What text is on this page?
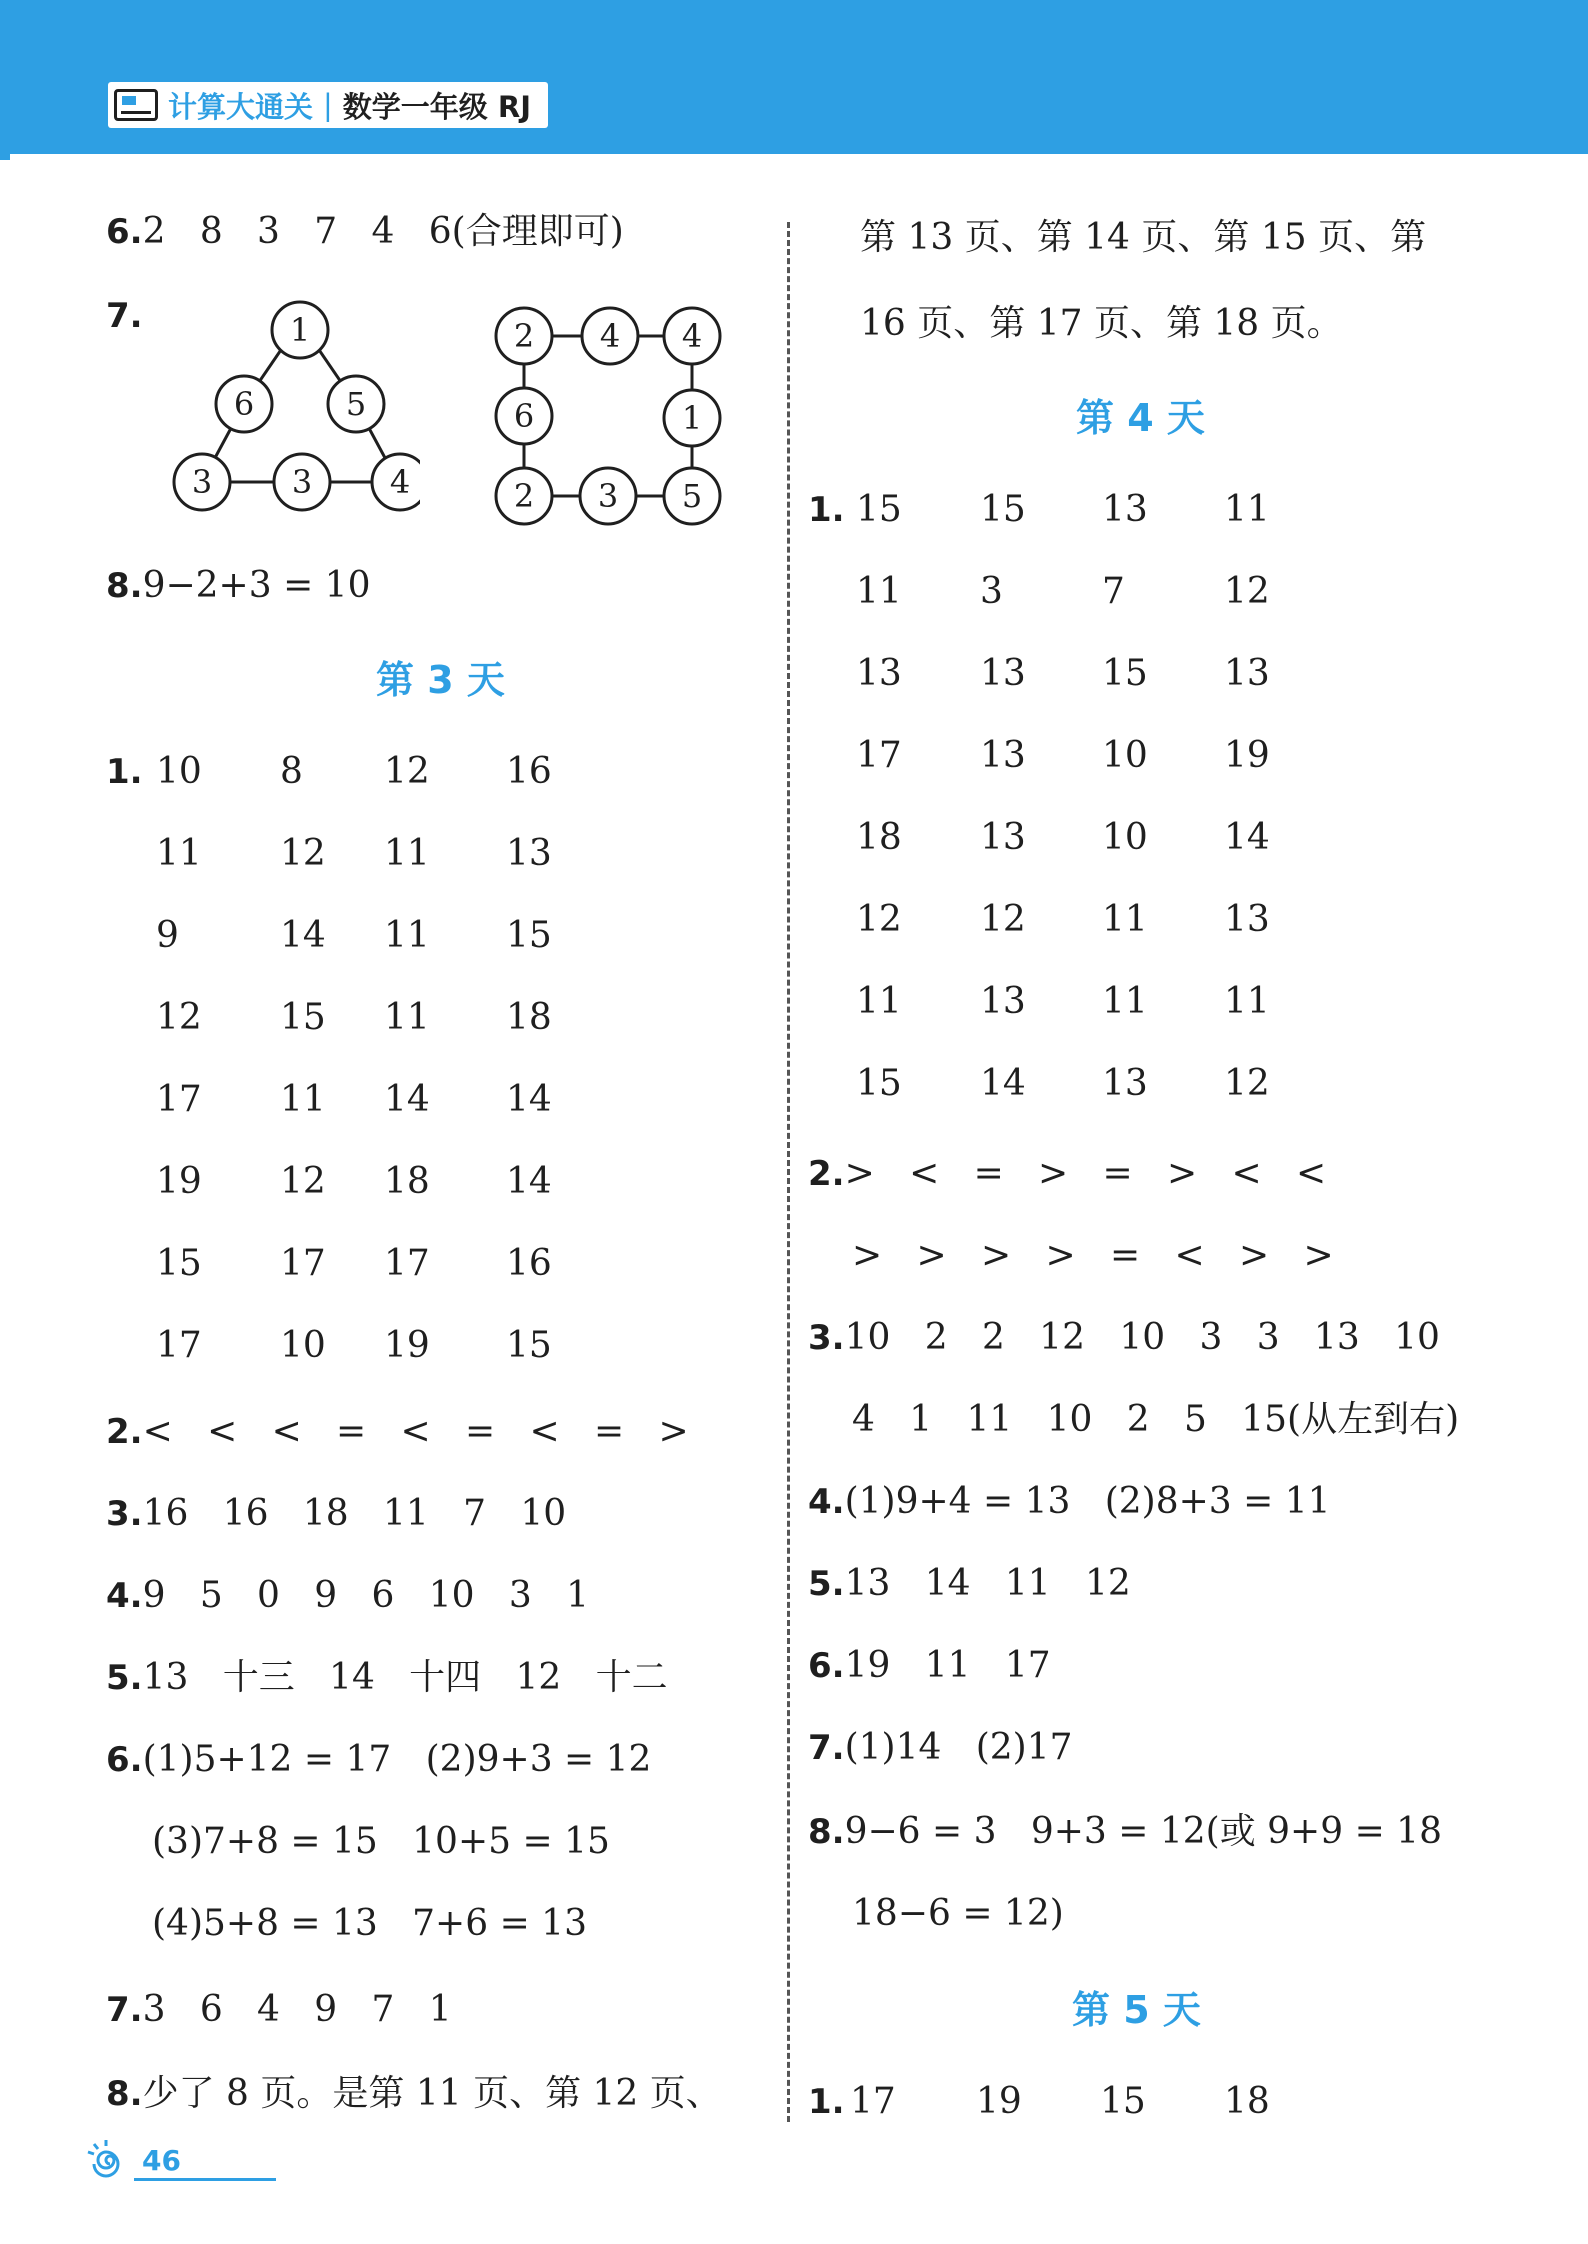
计算大通关 | 数学一年级 RJ
6.2   8   3   7   4   6(合理即可)
7.	1
6	5
3 3 4
2 4 4
6	1
2 3 5
8.9−2+3 = 10
第 3 天
1. 10 8 12 16
11 12 11 13
9	14 11 15
12 15 11 18
17 11 14 14
19 12 18 14
15 17 17 16
17 10 19 15
2.<   <   <   =   <   =   <   =   >
3.16   16   18   11   7   10
4.9   5   0   9   6   10   3   1
5.13   十三   14   十四   12   十二
6.(1)5+12 = 17   (2)9+3 = 12
(3)7+8 = 15   10+5 = 15
(4)5+8 = 13   7+6 = 13
7.3   6   4   9   7   1
8.少了 8 页。是第 11 页、第 12 页、
第 13 页、第 14 页、第 15 页、第
16 页、第 17 页、第 18 页。
第 4 天
1. 15 15 13 11
11 3	7	12
13 13 15 13
17 13 10 19
18 13 10 14
12 12 11 13
11 13 11 11
15 14 13 12
2.>   <   =   >   =   >   <   <
>   >   >   >   =   <   >   >
3.10   2   2   12   10   3   3   13   10
4   1   11   10   2   5   15(从左到右)
4.(1)9+4 = 13   (2)8+3 = 11
5.13   14   11   12
6.19   11   17
7.(1)14   (2)17
8.9−6 = 3   9+3 = 12(或 9+9 = 18
18−6 = 12)
第 5 天
1. 17 19 15 18
46
